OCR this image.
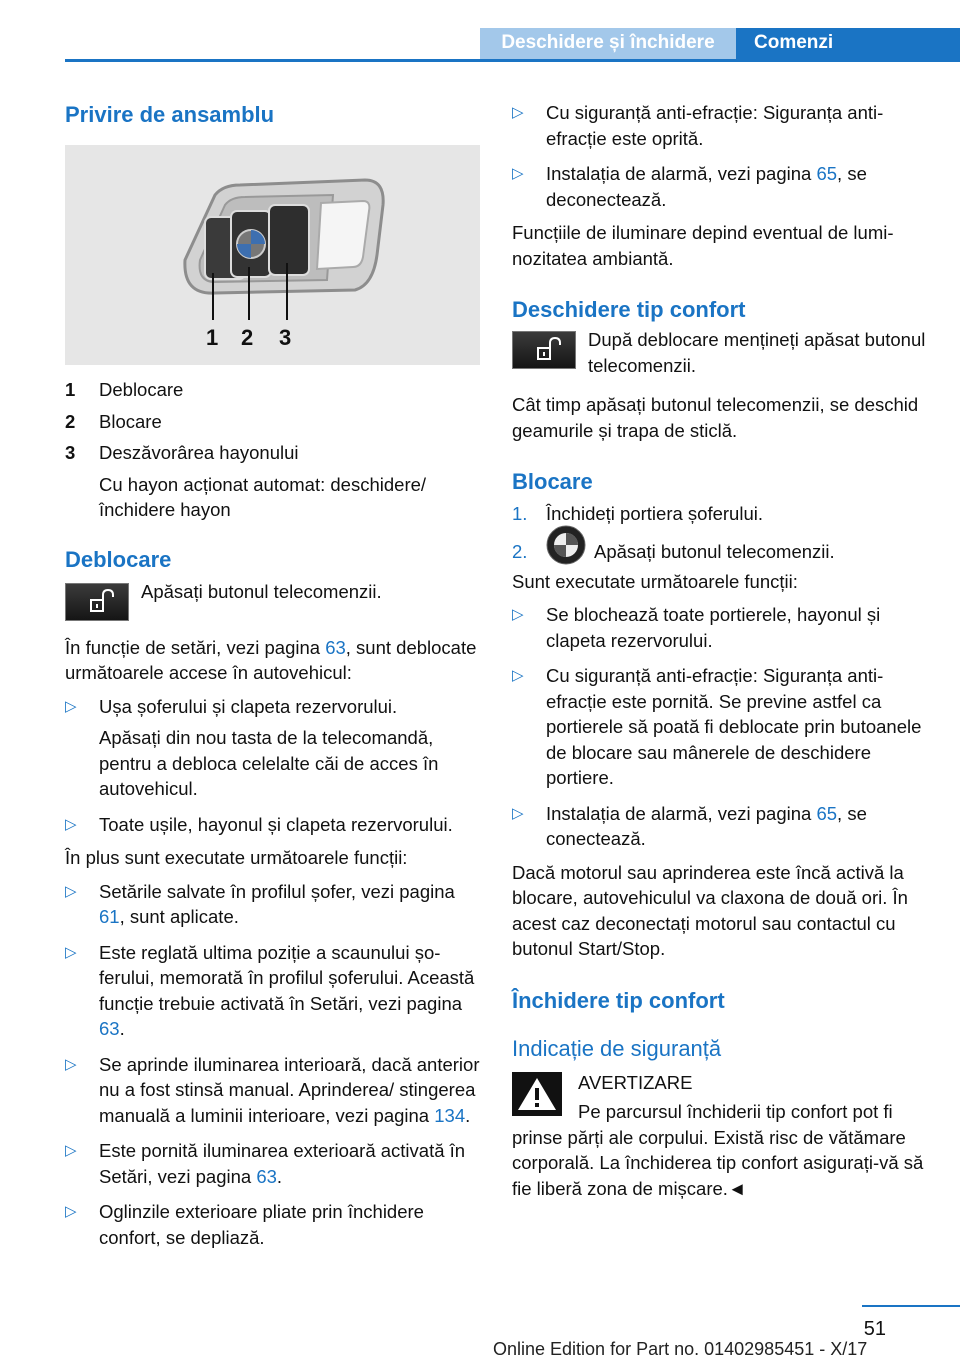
Deschidere și închidere	Comenzi
Privire de ansamblu
1 2 3
1	Deblocare
2	Blocare
3	Deszăvorârea hayonului

Cu hayon acționat automat: deschidere/ închidere hayon

Deblocare

Apăsați butonul telecomenzii.

În funcție de setări, vezi pagina 63, sunt deblocate următoarele accese în autovehicul:

▷	Ușa șoferului și clapeta rezervorului.

Apăsați din nou tasta de la telecomandă, pentru a debloca celelalte căi de acces în autovehicul.

▷	Toate ușile, hayonul și clapeta rezervorului.

În plus sunt executate următoarele funcții:

▷	Setările salvate în profilul șofer, vezi pagina 61, sunt aplicate.
▷	Este reglată ultima poziție a scaunului șoferului, memorată în profilul șoferului. Această funcție trebuie activată în Setări, vezi pagina 63.
▷	Se aprinde iluminarea interioară, dacă anterior nu a fost stinsă manual. Aprinderea/ stingerea manuală a luminii interioare, vezi pagina 134.
▷	Este pornită iluminarea exterioară activată în Setări, vezi pagina 63.
▷	Oglinzile exterioare pliate prin închidere confort, se depliază.
▷	Cu siguranță anti-efracție: Siguranța anti-efracție este oprită.
▷	Instalația de alarmă, vezi pagina 65, se deconectează.

Funcțiile de iluminare depind eventual de luminozitatea ambiantă.

Deschidere tip confort

După deblocare mențineți apăsat butonul telecomenzii.

Cât timp apăsați butonul telecomenzii, se deschid geamurile și trapa de sticlă.

Blocare
1.	Închideți portiera șoferului.
2.	Apăsați butonul telecomenzii.

Sunt executate următoarele funcții:

▷	Se blochează toate portierele, hayonul și clapeta rezervorului.
▷	Cu siguranță anti-efracție: Siguranța anti-efracție este pornită. Se previne astfel ca portierele să poată fi deblocate prin butoanele de blocare sau mânerele de deschidere portiere.
▷	Instalația de alarmă, vezi pagina 65, se conectează.

Dacă motorul sau aprinderea este încă activă la blocare, autovehiculul va claxona de două ori. În acest caz deconectați motorul sau contactul cu butonul Start/Stop.

Închidere tip confort
Indicație de siguranță

AVERTIZARE

Pe parcursul închiderii tip confort pot fi prinse părți ale corpului. Există risc de vătămare corporală. La închiderea tip confort asigurați-vă să fie liberă zona de mișcare.◄

51
Online Edition for Part no. 01402985451 - X/17
